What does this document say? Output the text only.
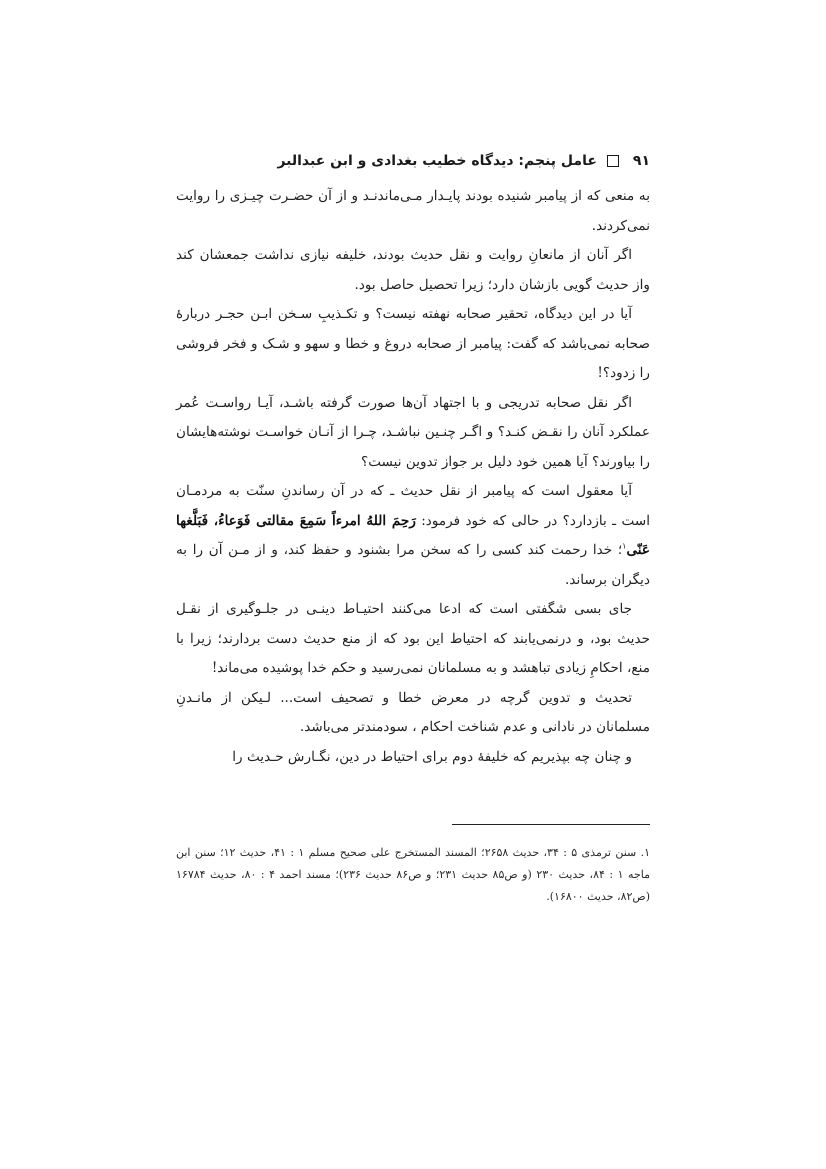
۹۱
عامل پنجم: دیدگاه خطیب بغدادی و ابن عبدالبر

به منعی که از پیامبر شنیده بودند پایـدار مـی‌ماندنـد و از آن حضـرت چیـزی را روایت نمی‌کردند.

اگر آنان از مانعانِ روایت و نقل حدیث بودند، خلیفه نیازی نداشت جمعشان کند واز حدیث گویی بازشان دارد؛ زیرا تحصیل حاصل بود.

آیا در این دیدگاه، تحقیر صحابه نهفته نیست؟ و تکـذیبِ سـخن ابـن حجـر دربارهٔ صحابه نمی‌باشد که گفت: پیامبر از صحابه دروغ و خطا و سهو و شـک و فخر فروشی را زدود؟!

اگر نقل صحابه تدریجی و با اجتهاد آن‌ها صورت گرفته باشـد، آیـا رواسـت عُمر عملکرد آنان را نقـض کنـد؟ و اگـر چنـین نباشـد، چـرا از آنـان خواسـت نوشته‌هایشان را بیاورند؟ آیا همین خود دلیل بر جواز تدوین نیست؟

آیا معقول است که پیامبر از نقل حدیث ـ که در آن رساندنِ سنّت به مردمـان است ـ بازدارد؟ در حالی که خود فرمود: رَحِمَ اللهُ امرءاً سَمِعَ مقالتی فَوَعاءُ، فَبَلَّغها عَنّی$^۱$؛ خدا رحمت کند کسی را که سخن مرا بشنود و حفظ کند، و از مـن آن را به دیگران برساند.

جای بسی شگفتی است که ادعا می‌کنند احتیـاط دینـی در جلـوگیری از نقـل حدیث بود، و درنمی‌یابند که احتیاط این بود که از منع حدیث دست بردارند؛ زیرا با منع، احکامِ زیادی تباهشد و به مسلمانان نمی‌رسید و حکم خدا پوشیده می‌ماند!

تحدیث و تدوین گرچه در معرض خطا و تصحیف است... لـیکن از مانـدنِ مسلمانان در نادانی و عدم شناخت احکام ، سودمندتر می‌باشد.

و چنان چه بپذیریم که خلیفهٔ دوم برای احتیاط در دین، نگـارش حـدیث را

۱. سنن ترمذی ۵ : ۳۴، حدیث ۲۶۵۸؛ المسند المستخرج علی صحیح مسلم ۱ : ۴۱، حدیث ۱۲؛ سنن ابن ماجه ۱ : ۸۴، حدیث ۲۳۰ (و ص۸۵ حدیث ۲۳۱؛ و ص۸۶ حدیث ۲۳۶)؛ مسند احمد ۴ : ۸۰، حدیث ۱۶۷۸۴ (ص۸۲، حدیث ۱۶۸۰۰).
